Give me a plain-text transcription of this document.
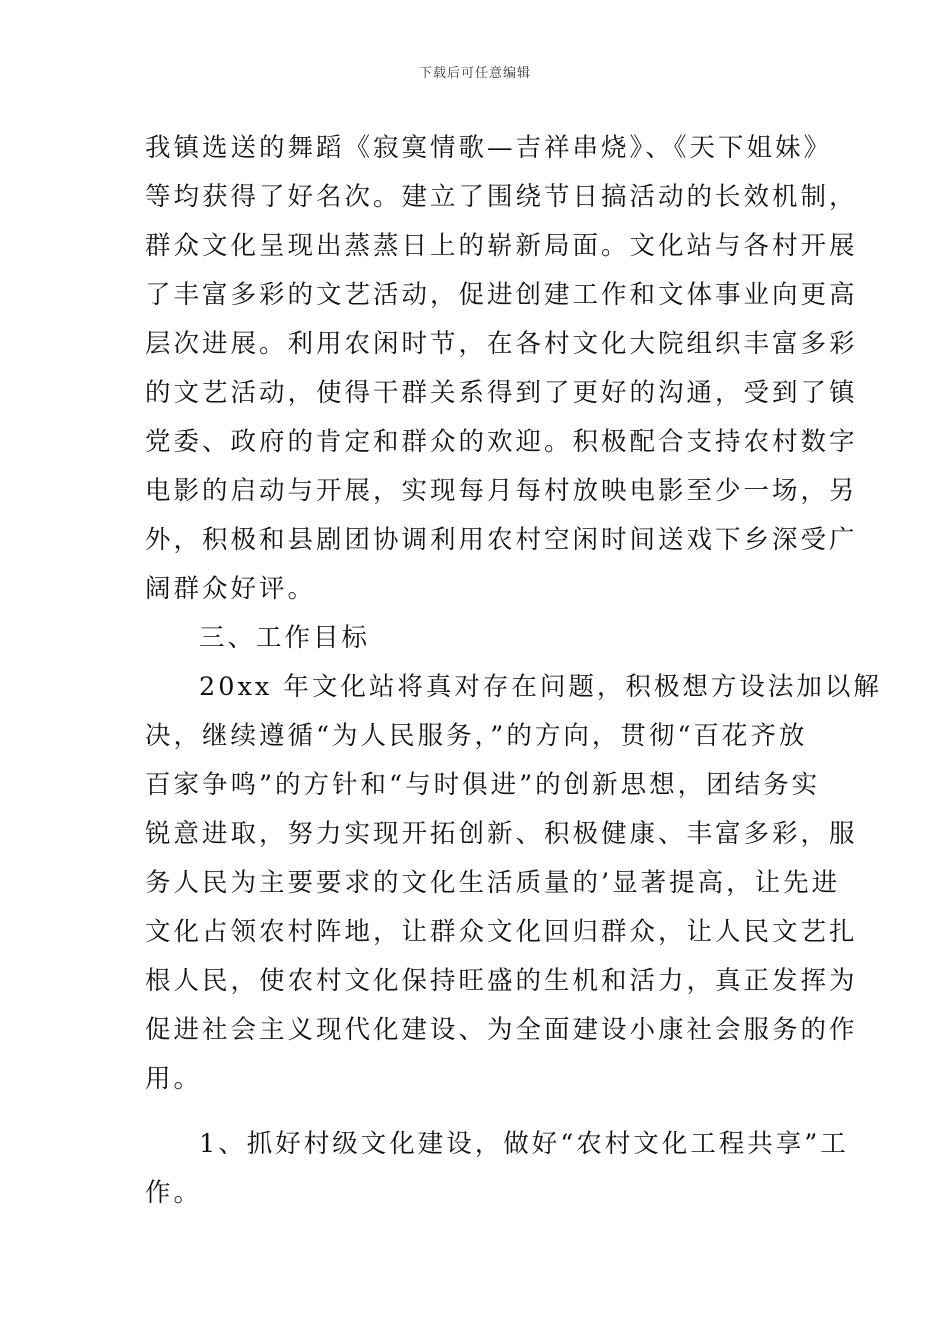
下载后可任意编辑
我镇选送的舞蹈《寂寞情歌—吉祥串烧》、《天下姐妹》
等均获得了好名次。建立了围绕节日搞活动的长效机制，
群众文化呈现出蒸蒸日上的崭新局面。文化站与各村开展
了丰富多彩的文艺活动，促进创建工作和文体事业向更高
层次进展。利用农闲时节，在各村文化大院组织丰富多彩
的文艺活动，使得干群关系得到了更好的沟通，受到了镇
党委、政府的肯定和群众的欢迎。积极配合支持农村数字
电影的启动与开展，实现每月每村放映电影至少一场，另
外，积极和县剧团协调利用农村空闲时间送戏下乡深受广
阔群众好评。
三、工作目标
20xx 年文化站将真对存在问题，积极想方设法加以解
决，继续遵循“为人民服务，”的方向，贯彻“百花齐放
百家争鸣”的方针和“与时俱进”的创新思想，团结务实
锐意进取，努力实现开拓创新、积极健康、丰富多彩，服
务人民为主要要求的文化生活质量的’显著提高，让先进
文化占领农村阵地，让群众文化回归群众，让人民文艺扎
根人民，使农村文化保持旺盛的生机和活力，真正发挥为
促进社会主义现代化建设、为全面建设小康社会服务的作
用。
1、抓好村级文化建设，做好“农村文化工程共享”工
作。
